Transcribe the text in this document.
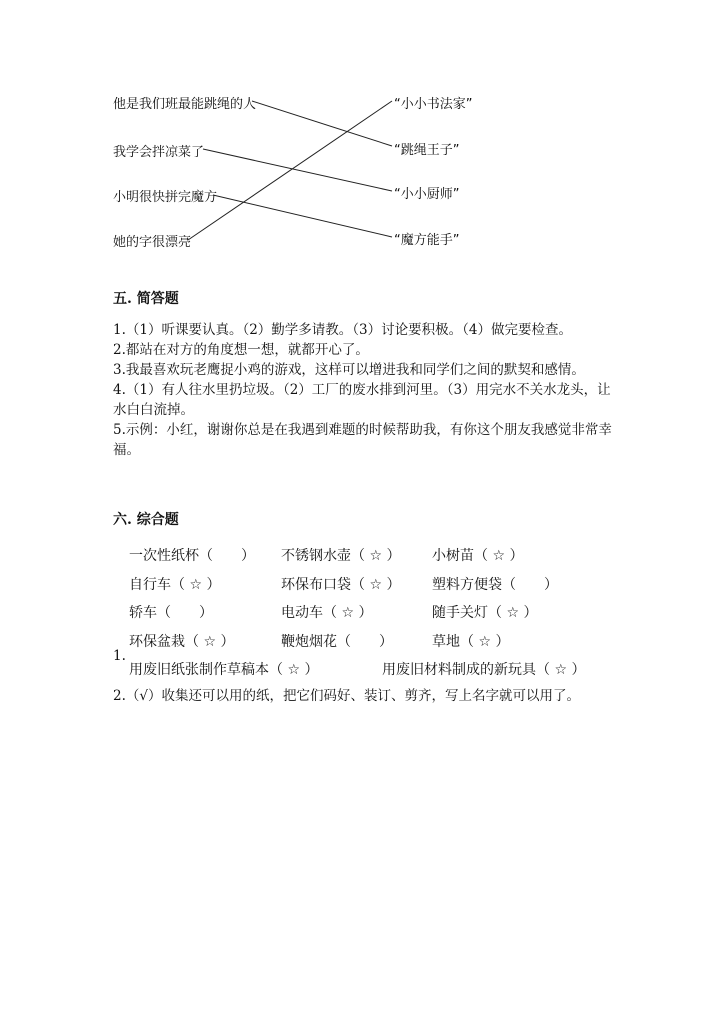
他是我们班最能跳绳的人
我学会拌凉菜了
小明很快拼完魔方
她的字很漂亮
“小小书法家”
“跳绳王子”
“小小厨师”
“魔方能手”
五. 简答题

1.（1）听课要认真。（2）勤学多请教。（3）讨论要积极。（4）做完要检查。

2.都站在对方的角度想一想，就都开心了。

3.我最喜欢玩老鹰捉小鸡的游戏，这样可以增进我和同学们之间的默契和感情。

4.（1）有人往水里扔垃圾。（2）工厂的废水排到河里。（3）用完水不关水龙头，让水白白流掉。

5.示例：小红，谢谢你总是在我遇到难题的时候帮助我，有你这个朋友我感觉非常幸福。

六. 综合题
一次性纸杯（　　） 不锈钢水壶（ ☆ ） 小树苗（ ☆ ）
自行车（ ☆ ）	环保布口袋（ ☆ ） 塑料方便袋（　　）
轿车（　　）	电动车（ ☆ ）	随手关灯（ ☆ ）
环保盆栽（ ☆ ）	鞭炮烟花（　　）	草地（ ☆ ）
1.
用废旧纸张制作草稿本（ ☆ ）	用废旧材料制成的新玩具（ ☆ ）

2.（√）收集还可以用的纸，把它们码好、装订、剪齐，写上名字就可以用了。
